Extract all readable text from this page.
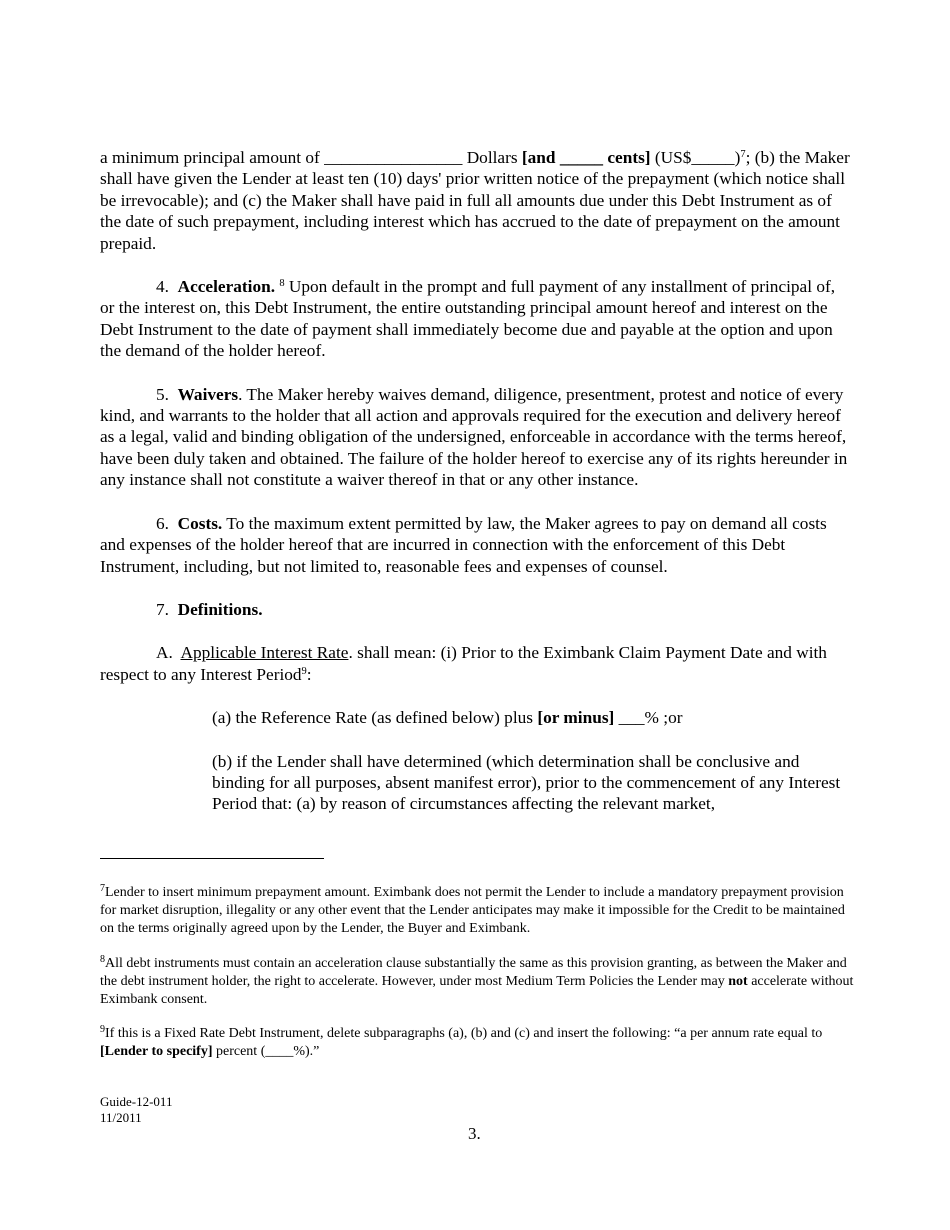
a minimum principal amount of ________________ Dollars [and _____ cents] (US$_____)$^7$; (b) the Maker shall have given the Lender at least ten (10) days' prior written notice of the prepayment (which notice shall be irrevocable); and (c) the Maker shall have paid in full all amounts due under this Debt Instrument as of the date of such prepayment, including interest which has accrued to the date of prepayment on the amount prepaid.

4. Acceleration. $^8$ Upon default in the prompt and full payment of any installment of principal of, or the interest on, this Debt Instrument, the entire outstanding principal amount hereof and interest on the Debt Instrument to the date of payment shall immediately become due and payable at the option and upon the demand of the holder hereof.

5. Waivers. The Maker hereby waives demand, diligence, presentment, protest and notice of every kind, and warrants to the holder that all action and approvals required for the execution and delivery hereof as a legal, valid and binding obligation of the undersigned, enforceable in accordance with the terms hereof, have been duly taken and obtained. The failure of the holder hereof to exercise any of its rights hereunder in any instance shall not constitute a waiver thereof in that or any other instance.

6. Costs. To the maximum extent permitted by law, the Maker agrees to pay on demand all costs and expenses of the holder hereof that are incurred in connection with the enforcement of this Debt Instrument, including, but not limited to, reasonable fees and expenses of counsel.

7. Definitions.

A. Applicable Interest Rate. shall mean: (i) Prior to the Eximbank Claim Payment Date and with respect to any Interest Period$^9$:

(a) the Reference Rate (as defined below) plus [or minus] ___% ;or

(b) if the Lender shall have determined (which determination shall be conclusive and binding for all purposes, absent manifest error), prior to the commencement of any Interest Period that: (a) by reason of circumstances affecting the relevant market,

$^7$Lender to insert minimum prepayment amount. Eximbank does not permit the Lender to include a mandatory prepayment provision for market disruption, illegality or any other event that the Lender anticipates may make it impossible for the Credit to be maintained on the terms originally agreed upon by the Lender, the Buyer and Eximbank.

$^8$All debt instruments must contain an acceleration clause substantially the same as this provision granting, as between the Maker and the debt instrument holder, the right to accelerate. However, under most Medium Term Policies the Lender may not accelerate without Eximbank consent.

$^9$If this is a Fixed Rate Debt Instrument, delete subparagraphs (a), (b) and (c) and insert the following: “a per annum rate equal to [Lender to specify] percent (____%).”

Guide-12-011
11/2011
3.
